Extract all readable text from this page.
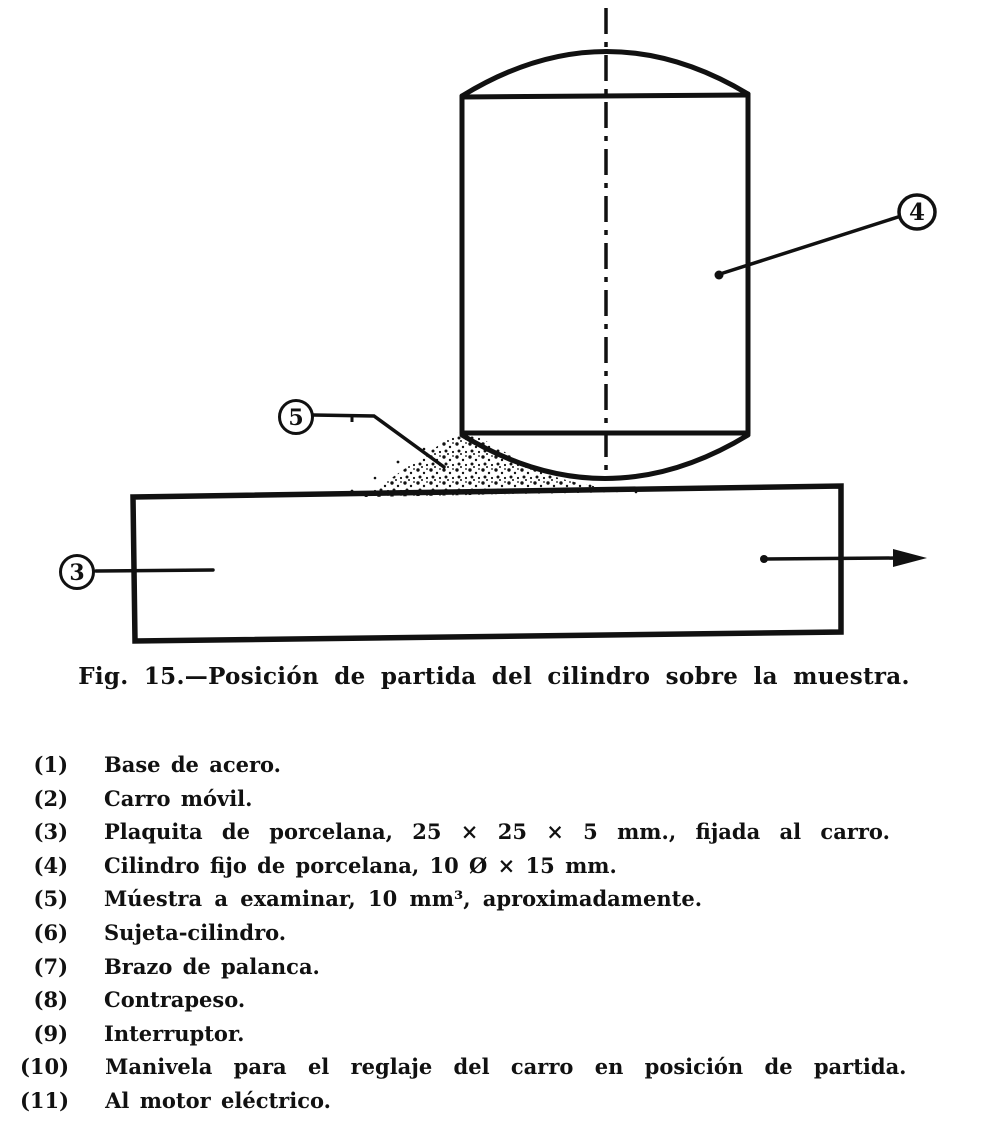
4
5
3
Fig. 15.—Posición de partida del cilindro sobre la muestra.
(1) Base de acero.
(2) Carro móvil.
(3) Plaquita de porcelana, 25 × 25 × 5 mm., fijada al carro.
(4) Cilindro fijo de porcelana, 10 Ø × 15 mm.
(5) Múestra a examinar, 10 mm³, aproximadamente.
(6) Sujeta-cilindro.
(7) Brazo de palanca.
(8) Contrapeso.
(9) Interruptor.
(10) Manivela para el reglaje del carro en posición de partida.
(11) Al motor eléctrico.
